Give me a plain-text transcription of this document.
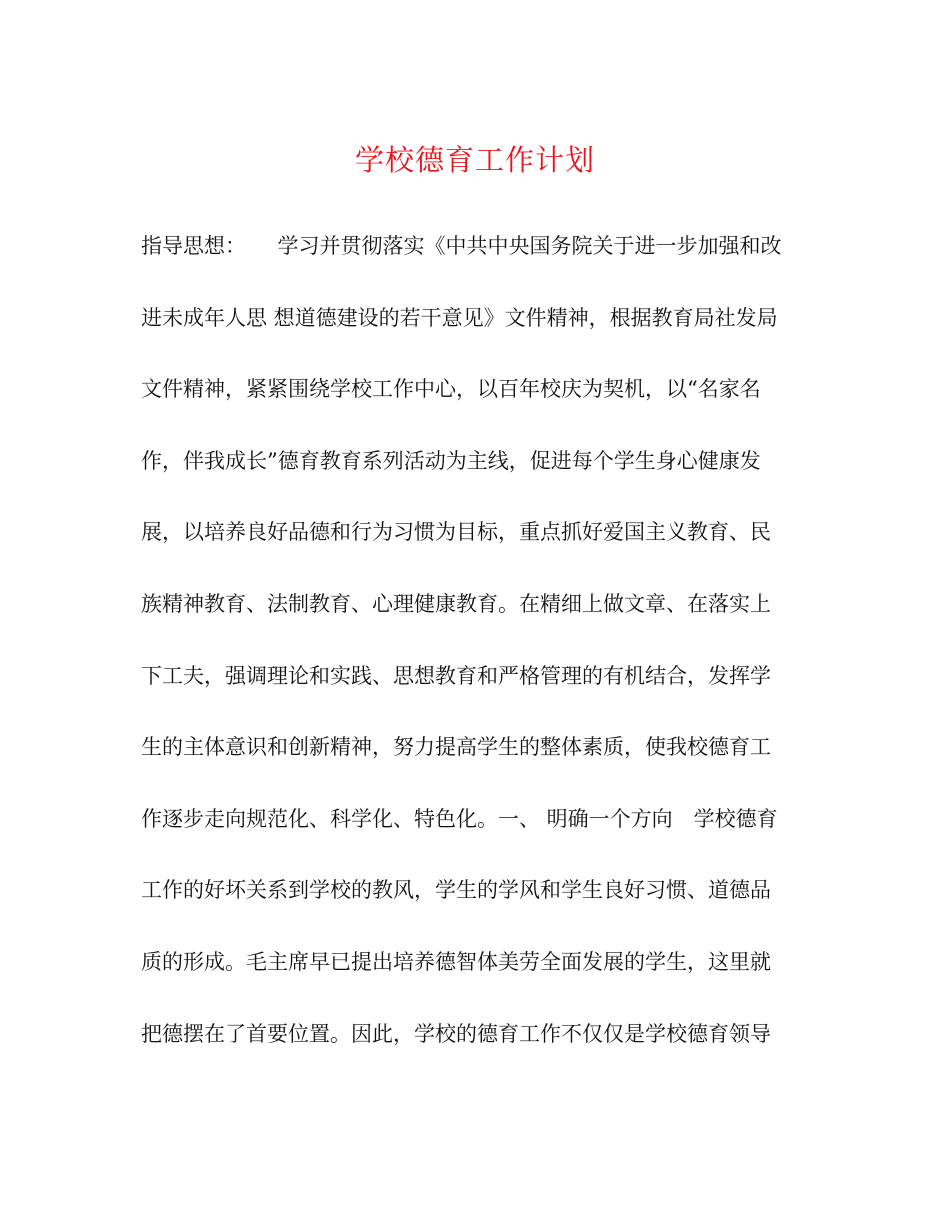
学校德育工作计划
指导思想：　　学习并贯彻落实《中共中央国务院关于进一步加强和改
进未成年人思 想道德建设的若干意见》文件精神，根据教育局社发局
文件精神，紧紧围绕学校工作中心，以百年校庆为契机，以“名家名
作，伴我成长”德育教育系列活动为主线，促进每个学生身心健康发
展，以培养良好品德和行为习惯为目标，重点抓好爱国主义教育、民
族精神教育、法制教育、心理健康教育。在精细上做文章、在落实上
下工夫，强调理论和实践、思想教育和严格管理的有机结合，发挥学
生的主体意识和创新精神，努力提高学生的整体素质，使我校德育工
作逐步走向规范化、科学化、特色化。一、 明确一个方向　学校德育
工作的好坏关系到学校的教风，学生的学风和学生良好习惯、道德品
质的形成。毛主席早已提出培养德智体美劳全面发展的学生，这里就
把德摆在了首要位置。因此，学校的德育工作不仅仅是学校德育领导
